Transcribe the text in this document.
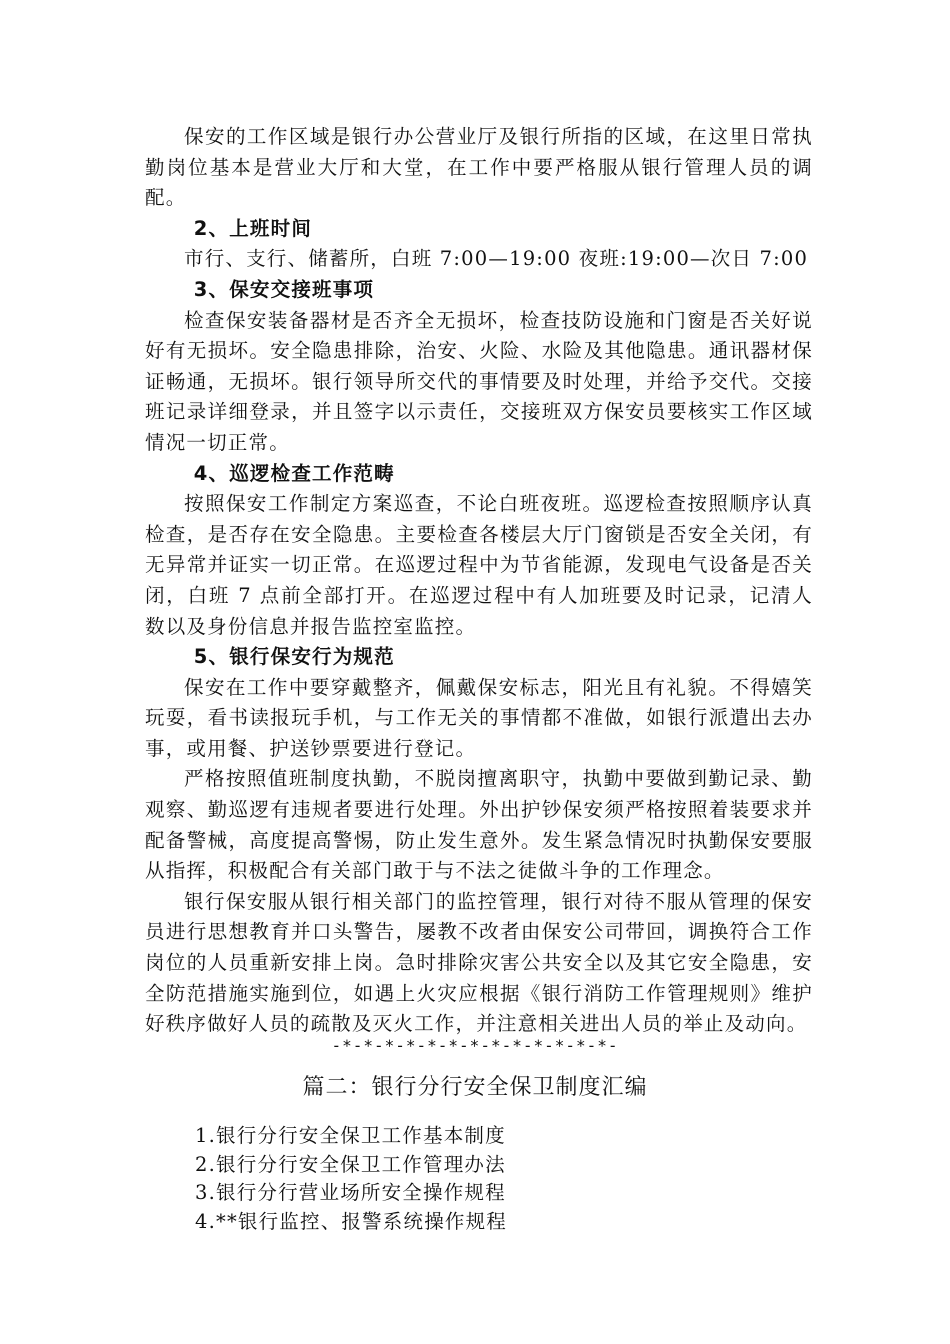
保安的工作区域是银行办公营业厅及银行所指的区域，在这里日常执勤岗位基本是营业大厅和大堂，在工作中要严格服从银行管理人员的调配。

2、上班时间

市行、支行、储蓄所，白班 7:00—19:00 夜班:19:00—次日 7:00

3、保安交接班事项

检查保安装备器材是否齐全无损坏，检查技防设施和门窗是否关好说好有无损坏。安全隐患排除，治安、火险、水险及其他隐患。通讯器材保证畅通，无损坏。银行领导所交代的事情要及时处理，并给予交代。交接班记录详细登录，并且签字以示责任，交接班双方保安员要核实工作区域情况一切正常。

4、巡逻检查工作范畴

按照保安工作制定方案巡查，不论白班夜班。巡逻检查按照顺序认真检查，是否存在安全隐患。主要检查各楼层大厅门窗锁是否安全关闭，有无异常并证实一切正常。在巡逻过程中为节省能源，发现电气设备是否关闭，白班 7 点前全部打开。在巡逻过程中有人加班要及时记录，记清人数以及身份信息并报告监控室监控。

5、银行保安行为规范

保安在工作中要穿戴整齐，佩戴保安标志，阳光且有礼貌。不得嬉笑玩耍，看书读报玩手机，与工作无关的事情都不准做，如银行派遣出去办事，或用餐、护送钞票要进行登记。

严格按照值班制度执勤，不脱岗擅离职守，执勤中要做到勤记录、勤观察、勤巡逻有违规者要进行处理。外出护钞保安须严格按照着装要求并配备警械，高度提高警惕，防止发生意外。发生紧急情况时执勤保安要服从指挥，积极配合有关部门敢于与不法之徒做斗争的工作理念。

银行保安服从银行相关部门的监控管理，银行对待不服从管理的保安员进行思想教育并口头警告，屡教不改者由保安公司带回，调换符合工作岗位的人员重新安排上岗。急时排除灾害公共安全以及其它安全隐患，安全防范措施实施到位，如遇上火灾应根据《银行消防工作管理规则》维护好秩序做好人员的疏散及灭火工作，并注意相关进出人员的举止及动向。

-*-*-*-*-*-*-*-*-*-*-*-*-*-
篇二：银行分行安全保卫制度汇编
1.银行分行安全保卫工作基本制度
2.银行分行安全保卫工作管理办法
3.银行分行营业场所安全操作规程
4.**银行监控、报警系统操作规程
